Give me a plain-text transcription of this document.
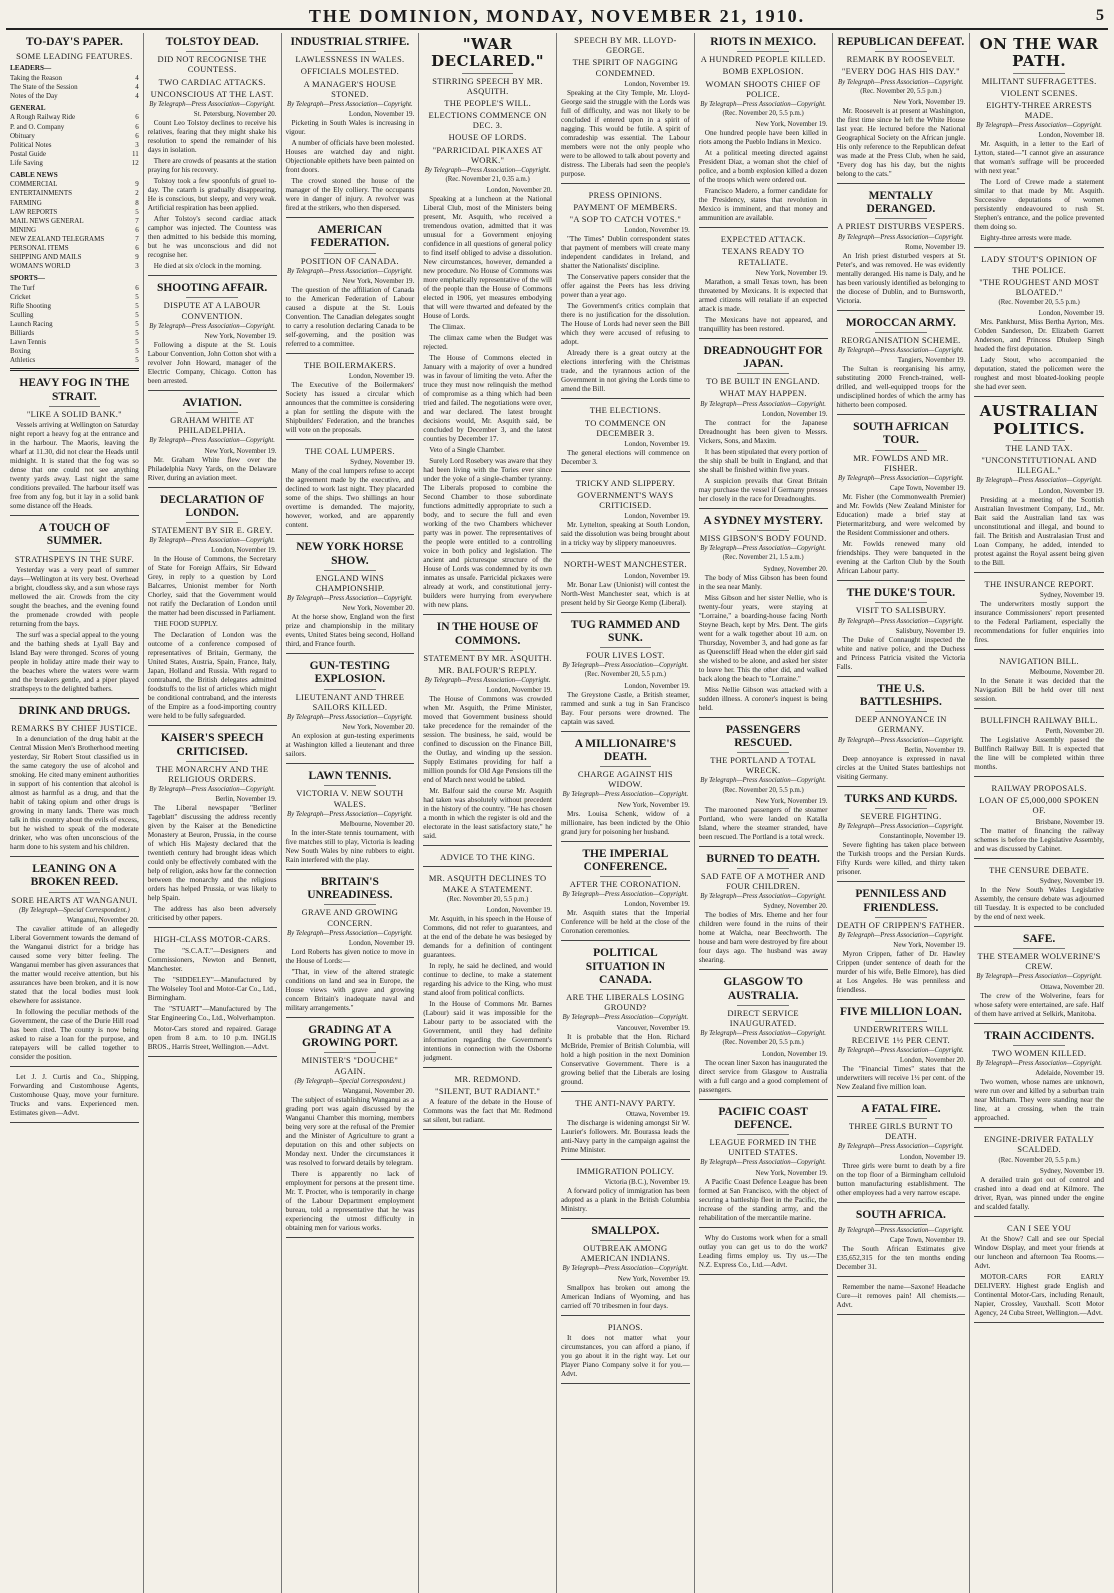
THE DOMINION, MONDAY, NOVEMBER 21, 1910.	5
TO-DAY'S PAPER.
SOME LEADING FEATURES.
LEADERS—
Taking the Reason	4
The State of the Session	4
Notes of the Day	4
GENERAL
A Rough Railway Ride	6
P. and O. Company	6
Obituary	6
Political Notes	3
Postal Guide	11
Life Saving	12
CABLE NEWS
COMMERCIAL	9
ENTERTAINMENTS	2
FARMING	8
LAW REPORTS	5
MAIL NEWS GENERAL	7
MINING	6
NEW ZEALAND TELEGRAMS	7
PERSONAL ITEMS	6
SHIPPING AND MAILS	9
WOMAN'S WORLD	3
SPORTS—
The Turf	6
Cricket	5
Rifle Shooting	5
Sculling	5
Launch Racing	5
Billiards	5
Lawn Tennis	5
Boxing	5
Athletics	5
HEAVY FOG IN THE STRAIT.
"LIKE A SOLID BANK."

Vessels arriving at Wellington on Saturday night report a heavy fog at the entrance and in the harbour. The Maoris, leaving the wharf at 11.30, did not clear the Heads until midnight. It is stated that the fog was so dense that one could not see anything twenty yards away. Last night the same conditions prevailed. The harbour itself was free from any fog, but it lay in a solid bank some distance off the Heads.

A TOUCH OF SUMMER.
STRATHSPEYS IN THE SURF.

Yesterday was a very pearl of summer days—Wellington at its very best. Overhead a bright, cloudless sky, and a sun whose rays mellowed the air. Crowds from the city sought the beaches, and the evening found the promenade crowded with people returning from the bays.

The surf was a special appeal to the young and the bathing sheds at Lyall Bay and Island Bay were thronged. Scores of young people in holiday attire made their way to the beaches where the waters were warm and the breakers gentle, and a piper played strathspeys to the delighted bathers.

DRINK AND DRUGS.
REMARKS BY CHIEF JUSTICE.

In a denunciation of the drug habit at the Central Mission Men's Brotherhood meeting yesterday, Sir Robert Stout classified us in the same category the use of alcohol and smoking. He cited many eminent authorities in support of his contention that alcohol is almost as harmful as a drug, and that the habit of taking opium and other drugs is growing in many lands. There was much talk in this country about the evils of excess, but he wished to speak of the moderate drinker, who was often unconscious of the harm done to his system and his children.

LEANING ON A BROKEN REED.
SORE HEARTS AT WANGANUI.
(By Telegraph—Special Correspondent.)
Wanganui, November 20.

The cavalier attitude of an allegedly Liberal Government towards the demand of the Wanganui district for a bridge has caused some very bitter feeling. The Wanganui member has given assurances that the matter would receive attention, but his assurances have been broken, and it is now stated that the local bodies must look elsewhere for assistance.

In following the peculiar methods of the Government, the case of the Durie Hill road has been cited. The county is now being asked to raise a loan for the purpose, and ratepayers will be called together to consider the position.

Let J. J. Curtis and Co., Shipping, Forwarding and Customhouse Agents, Customhouse Quay, move your furniture. Trucks and vans. Experienced men. Estimates given—Advt.

TOLSTOY DEAD.
DID NOT RECOGNISE THE COUNTESS.
TWO CARDIAC ATTACKS.
UNCONSCIOUS AT THE LAST.
By Telegraph—Press Association—Copyright.
St. Petersburg, November 20.

Count Leo Tolstoy declines to receive his relatives, fearing that they might shake his resolution to spend the remainder of his days in isolation.

There are crowds of peasants at the station praying for his recovery.

Tolstoy took a few spoonfuls of gruel to-day. The catarrh is gradually disappearing. He is conscious, but sleepy, and very weak. Artificial respiration has been applied.

After Tolstoy's second cardiac attack camphor was injected. The Countess was then admitted to his bedside this morning, but he was unconscious and did not recognise her.

He died at six o'clock in the morning.

SHOOTING AFFAIR.
DISPUTE AT A LABOUR CONVENTION.
By Telegraph—Press Association—Copyright.
New York, November 19.

Following a dispute at the St. Louis Labour Convention, John Cotton shot with a revolver John Howard, manager of the Electric Company, Chicago. Cotton has been arrested.

AVIATION.
GRAHAM WHITE AT PHILADELPHIA.
By Telegraph—Press Association—Copyright.
New York, November 19.

Mr. Graham White flew over the Philadelphia Navy Yards, on the Delaware River, during an aviation meet.

DECLARATION OF LONDON.
STATEMENT BY SIR E. GREY.
By Telegraph—Press Association—Copyright.
London, November 19.

In the House of Commons, the Secretary of State for Foreign Affairs, Sir Edward Grey, in reply to a question by Lord Balcarres, Unionist member for North Chorley, said that the Government would not ratify the Declaration of London until the matter had been discussed in Parliament.

THE FOOD SUPPLY.

The Declaration of London was the outcome of a conference composed of representatives of Britain, Germany, the United States, Austria, Spain, France, Italy, Japan, Holland and Russia. With regard to contraband, the British delegates admitted foodstuffs to the list of articles which might be conditional contraband, and the interests of the Empire as a food-importing country were held to be fully safeguarded.

KAISER'S SPEECH CRITICISED.
THE MONARCHY AND THE RELIGIOUS ORDERS.
By Telegraph—Press Association—Copyright.
Berlin, November 19.

The Liberal newspaper "Berliner Tageblatt" discussing the address recently given by the Kaiser at the Benedictine Monastery at Beuron, Prussia, in the course of which His Majesty declared that the twentieth century had brought ideas which could only be effectively combated with the help of religion, asks how far the connection between the monarchy and the religious orders has helped Prussia, or was likely to help Spain.

The address has also been adversely criticised by other papers.

HIGH-CLASS MOTOR-CARS.

The "S.C.A.T."—Designers and Commissioners, Newton and Bennett, Manchester.

The "SIDDELEY"—Manufactured by The Wolseley Tool and Motor-Car Co., Ltd., Birmingham.

The "STUART"—Manufactured by The Star Engineering Co., Ltd., Wolverhampton.

Motor-Cars stored and repaired. Garage open from 8 a.m. to 10 p.m. INGLIS BROS., Harris Street, Wellington.—Advt.

INDUSTRIAL STRIFE.
LAWLESSNESS IN WALES.
OFFICIALS MOLESTED.
A MANAGER'S HOUSE STONED.
By Telegraph—Press Association—Copyright.
London, November 19.

Picketing in South Wales is increasing in vigour.

A number of officials have been molested. Houses are watched day and night. Objectionable epithets have been painted on front doors.

The crowd stoned the house of the manager of the Ely colliery. The occupants were in danger of injury. A revolver was fired at the strikers, who then dispersed.

AMERICAN FEDERATION.
POSITION OF CANADA.
By Telegraph—Press Association—Copyright.
New York, November 19.

The question of the affiliation of Canada to the American Federation of Labour caused a dispute at the St. Louis Convention. The Canadian delegates sought to carry a resolution declaring Canada to be self-governing, and the position was referred to a committee.

THE BOILERMAKERS.
London, November 19.

The Executive of the Boilermakers' Society has issued a circular which announces that the committee is considering a plan for settling the dispute with the Shipbuilders' Federation, and the branches will vote on the proposals.

THE COAL LUMPERS.
Sydney, November 19.

Many of the coal lumpers refuse to accept the agreement made by the executive, and declined to work last night. They placarded some of the ships. Two shillings an hour overtime is demanded. The majority, however, worked, and are apparently content.

NEW YORK HORSE SHOW.
ENGLAND WINS CHAMPIONSHIP.
By Telegraph—Press Association—Copyright.
New York, November 20.

At the horse show, England won the first prize and championship in the military events, United States being second, Holland third, and France fourth.

GUN-TESTING EXPLOSION.
LIEUTENANT AND THREE SAILORS KILLED.
By Telegraph—Press Association—Copyright.
New York, November 20.

An explosion at gun-testing experiments at Washington killed a lieutenant and three sailors.

LAWN TENNIS.
VICTORIA V. NEW SOUTH WALES.
By Telegraph—Press Association—Copyright.
Melbourne, November 20.

In the inter-State tennis tournament, with five matches still to play, Victoria is leading New South Wales by nine rubbers to eight. Rain interfered with the play.

BRITAIN'S UNREADINESS.
GRAVE AND GROWING CONCERN.
By Telegraph—Press Association—Copyright.
London, November 19.

Lord Roberts has given notice to move in the House of Lords:—

"That, in view of the altered strategic conditions on land and sea in Europe, the House views with grave and growing concern Britain's inadequate naval and military arrangements."

GRADING AT A GROWING PORT.
MINISTER'S "DOUCHE" AGAIN.
(By Telegraph—Special Correspondent.)
Wanganui, November 20.

The subject of establishing Wanganui as a grading port was again discussed by the Wanganui Chamber this morning, members being very sore at the refusal of the Premier and the Minister of Agriculture to grant a deputation on this and other subjects on Monday next. Under the circumstances it was resolved to forward details by telegram.

There is apparently no lack of employment for persons at the present time. Mr. T. Procter, who is temporarily in charge of the Labour Department employment bureau, told a representative that he was experiencing the utmost difficulty in obtaining men for various works.

"WAR DECLARED."
STIRRING SPEECH BY MR. ASQUITH.
THE PEOPLE'S WILL.
ELECTIONS COMMENCE ON DEC. 3.
HOUSE OF LORDS.
"PARRICIDAL PIKAXES AT WORK."
By Telegraph—Press Association—Copyright.
(Rec. November 21, 0.35 a.m.)
London, November 20.

Speaking at a luncheon at the National Liberal Club, most of the Ministers being present, Mr. Asquith, who received a tremendous ovation, admitted that it was unusual for a Government enjoying confidence in all questions of general policy to find itself obliged to advise a dissolution. New circumstances, however, demanded a new procedure. No House of Commons was more emphatically representative of the will of the people than the House of Commons elected in 1906, yet measures embodying that will were thwarted and defeated by the House of Lords.

The Climax.

The climax came when the Budget was rejected.

The House of Commons elected in January with a majority of over a hundred was in favour of limiting the veto. After the truce they must now relinquish the method of compromise as a thing which had been tried and failed. The negotiations were over, and war declared. The latest brought decisions would, Mr. Asquith said, be concluded by December 3, and the latest counties by December 17.

Veto of a Single Chamber.

Surely Lord Rosebery was aware that they had been living with the Tories ever since under the yoke of a single-chamber tyranny. The Liberals proposed to combine the Second Chamber to those subordinate functions admittedly appropriate to such a body, and to secure the full and even working of the two Chambers whichever party was in power. The representatives of the people were entitled to a controlling voice in both policy and legislation. The ancient and picturesque structure of the House of Lords was condemned by its own inmates as unsafe. Parricidal pickaxes were already at work, and constitutional jerry-builders were hurrying from everywhere with new plans.

IN THE HOUSE OF COMMONS.
STATEMENT BY MR. ASQUITH.
MR. BALFOUR'S REPLY.
By Telegraph—Press Association—Copyright.
London, November 19.

The House of Commons was crowded when Mr. Asquith, the Prime Minister, moved that Government business should take precedence for the remainder of the session. The business, he said, would be confined to discussion on the Finance Bill, the Outlay, and winding up the session. Supply Estimates providing for half a million pounds for Old Age Pensions till the end of March next would be tabled.

Mr. Balfour said the course Mr. Asquith had taken was absolutely without precedent in the history of the country. "He has chosen a month in which the register is old and the electorate in the least satisfactory state," he said.

ADVICE TO THE KING.
MR. ASQUITH DECLINES TO MAKE A STATEMENT.
(Rec. November 20, 5.5 p.m.)
London, November 19.

Mr. Asquith, in his speech in the House of Commons, did not refer to guarantees, and at the end of the debate he was besieged by demands for a definition of contingent guarantees.

In reply, he said he declined, and would continue to decline, to make a statement regarding his advice to the King, who must stand aloof from political conflicts.

In the House of Commons Mr. Barnes (Labour) said it was impossible for the Labour party to be associated with the Government, until they had definite information regarding the Government's intentions in connection with the Osborne judgment.

MR. REDMOND.
"SILENT, BUT RADIANT."

A feature of the debate in the House of Commons was the fact that Mr. Redmond sat silent, but radiant.

SPEECH BY MR. LLOYD-GEORGE.
THE SPIRIT OF NAGGING CONDEMNED.
London, November 19.

Speaking at the City Temple, Mr. Lloyd-George said the struggle with the Lords was full of difficulty, and was not likely to be concluded if entered upon in a spirit of nagging. This would be futile. A spirit of comradeship was essential. The Labour members were not the only people who were to be allowed to talk about poverty and distress. The Liberals had seen the people's purpose.

PRESS OPINIONS.
PAYMENT OF MEMBERS.
"A SOP TO CATCH VOTES."
London, November 19.

"The Times" Dublin correspondent states that payment of members will create many independent candidates in Ireland, and shatter the Nationalists' discipline.

The Conservative papers consider that the offer against the Peers has less driving power than a year ago.

The Government's critics complain that there is no justification for the dissolution. The House of Lords had never seen the Bill which they were accused of refusing to adopt.

Already there is a great outcry at the elections interfering with the Christmas trade, and the tyrannous action of the Government in not giving the Lords time to amend the Bill.

THE ELECTIONS.
TO COMMENCE ON DECEMBER 3.
London, November 19.

The general elections will commence on December 3.

TRICKY AND SLIPPERY.
GOVERNMENT'S WAYS CRITICISED.
London, November 19.

Mr. Lyttelton, speaking at South London, said the dissolution was being brought about in a tricky way by slippery manoeuvres.

NORTH-WEST MANCHESTER.
London, November 19.

Mr. Bonar Law (Unionist) will contest the North-West Manchester seat, which is at present held by Sir George Kemp (Liberal).

TUG RAMMED AND SUNK.
FOUR LIVES LOST.
By Telegraph—Press Association—Copyright.
(Rec. November 20, 5.5 p.m.)
London, November 19.

The Greystone Castle, a British steamer, rammed and sunk a tug in San Francisco Bay. Four persons were drowned. The captain was saved.

A MILLIONAIRE'S DEATH.
CHARGE AGAINST HIS WIDOW.
By Telegraph—Press Association—Copyright.
New York, November 19.

Mrs. Louisa Schenk, widow of a millionaire, has been indicted by the Ohio grand jury for poisoning her husband.

THE IMPERIAL CONFERENCE.
AFTER THE CORONATION.
By Telegraph—Press Association—Copyright.
London, November 19.

Mr. Asquith states that the Imperial Conference will be held at the close of the Coronation ceremonies.

POLITICAL SITUATION IN CANADA.
ARE THE LIBERALS LOSING GROUND?
By Telegraph—Press Association—Copyright.
Vancouver, November 19.

It is probable that the Hon. Richard McBride, Premier of British Columbia, will hold a high position in the next Dominion Conservative Government. There is a growing belief that the Liberals are losing ground.

THE ANTI-NAVY PARTY.
Ottawa, November 19.

The discharge is widening amongst Sir W. Laurier's followers. Mr. Bourassa leads the anti-Navy party in the campaign against the Prime Minister.

IMMIGRATION POLICY.
Victoria (B.C.), November 19.

A forward policy of immigration has been adopted as a plank in the British Columbia Ministry.

SMALLPOX.
OUTBREAK AMONG AMERICAN INDIANS.
By Telegraph—Press Association—Copyright.
New York, November 19.

Smallpox has broken out among the American Indians of Wyoming, and has carried off 70 tribesmen in four days.

PIANOS.

It does not matter what your circumstances, you can afford a piano, if you go about it in the right way. Let our Player Piano Company solve it for you.—Advt.

RIOTS IN MEXICO.
A HUNDRED PEOPLE KILLED.
BOMB EXPLOSION.
WOMAN SHOOTS CHIEF OF POLICE.
By Telegraph—Press Association—Copyright.
(Rec. November 20, 5.5 p.m.)
New York, November 19.

One hundred people have been killed in riots among the Pueblo Indians in Mexico.

At a political meeting directed against President Diaz, a woman shot the chief of police, and a bomb explosion killed a dozen of the troops which were ordered out.

Francisco Madero, a former candidate for the Presidency, states that revolution in Mexico is imminent, and that money and ammunition are available.

EXPECTED ATTACK.
TEXANS READY TO RETALIATE.
New York, November 19.

Marathon, a small Texas town, has been threatened by Mexicans. It is expected that armed citizens will retaliate if an expected attack is made.

The Mexicans have not appeared, and tranquillity has been restored.

DREADNOUGHT FOR JAPAN.
TO BE BUILT IN ENGLAND.
WHAT MAY HAPPEN.
By Telegraph—Press Association—Copyright.
London, November 19.

The contract for the Japanese Dreadnought has been given to Messrs. Vickers, Sons, and Maxim.

It has been stipulated that every portion of the ship shall be built in England, and that she shall be finished within five years.

A suspicion prevails that Great Britain may purchase the vessel if Germany presses her closely in the race for Dreadnoughts.

A SYDNEY MYSTERY.
MISS GIBSON'S BODY FOUND.
By Telegraph—Press Association—Copyright.
(Rec. November 21, 1.5 a.m.)
Sydney, November 20.

The body of Miss Gibson has been found in the sea near Manly.

Miss Gibson and her sister Nellie, who is twenty-four years, were staying at "Lorraine," a boarding-house facing North Steyne Beach, kept by Mrs. Dent. The girls went for a walk together about 10 a.m. on Thursday, November 3, and had gone as far as Queenscliff Head when the elder girl said she wished to be alone, and asked her sister to leave her. This the other did, and walked back along the beach to "Lorraine."

Miss Nellie Gibson was attacked with a sudden illness. A coroner's inquest is being held.

PASSENGERS RESCUED.
THE PORTLAND A TOTAL WRECK.
By Telegraph—Press Association—Copyright.
(Rec. November 20, 5.5 p.m.)
New York, November 19.

The marooned passengers of the steamer Portland, who were landed on Katalla Island, where the steamer stranded, have been rescued. The Portland is a total wreck.

BURNED TO DEATH.
SAD FATE OF A MOTHER AND FOUR CHILDREN.
By Telegraph—Press Association—Copyright.
Sydney, November 20.

The bodies of Mrs. Eheme and her four children were found in the ruins of their home at Walcha, near Beechworth. The house and barn were destroyed by fire about four days ago. The husband was away shearing.

GLASGOW TO AUSTRALIA.
DIRECT SERVICE INAUGURATED.
By Telegraph—Press Association—Copyright.
(Rec. November 20, 5.5 p.m.)
London, November 19.

The ocean liner Saxon has inaugurated the direct service from Glasgow to Australia with a full cargo and a good complement of passengers.

PACIFIC COAST DEFENCE.
LEAGUE FORMED IN THE UNITED STATES.
By Telegraph—Press Association—Copyright.
New York, November 19.

A Pacific Coast Defence League has been formed at San Francisco, with the object of securing a battleship fleet in the Pacific, the increase of the standing army, and the rehabilitation of the mercantile marine.

Why do Customs work when for a small outlay you can get us to do the work? Leading firms employ us. Try us.—The N.Z. Express Co., Ltd.—Advt.

REPUBLICAN DEFEAT.
REMARK BY ROOSEVELT.
"EVERY DOG HAS HIS DAY."
By Telegraph—Press Association—Copyright.
(Rec. November 20, 5.5 p.m.)
New York, November 19.

Mr. Roosevelt is at present at Washington, the first time since he left the White House last year. He lectured before the National Geographical Society on the African jungle. His only reference to the Republican defeat was made at the Press Club, when he said, "Every dog has his day, but the nights belong to the cats."

MENTALLY DERANGED.
A PRIEST DISTURBS VESPERS.
By Telegraph—Press Association—Copyright.
Rome, November 19.

An Irish priest disturbed vespers at St. Peter's, and was removed. He was evidently mentally deranged. His name is Daly, and he has been variously identified as belonging to the diocese of Dublin, and to Burnsworth, Victoria.

MOROCCAN ARMY.
REORGANISATION SCHEME.
By Telegraph—Press Association—Copyright.
Tangiers, November 19.

The Sultan is reorganising his army, substituting 2000 French-trained, well-drilled, and well-equipped troops for the undisciplined hordes of which the army has hitherto been composed.

SOUTH AFRICAN TOUR.
MR. FOWLDS AND MR. FISHER.
By Telegraph—Press Association—Copyright.
Cape Town, November 19.

Mr. Fisher (the Commonwealth Premier) and Mr. Fowlds (New Zealand Minister for Education) made a brief stay at Pietermaritzburg, and were welcomed by the Resident Commissioner and others.

Mr. Fowlds renewed many old friendships. They were banqueted in the evening at the Carlton Club by the South African Labour party.

THE DUKE'S TOUR.
VISIT TO SALISBURY.
By Telegraph—Press Association—Copyright.
Salisbury, November 19.

The Duke of Connaught inspected the white and native police, and the Duchess and Princess Patricia visited the Victoria Falls.

THE U.S. BATTLESHIPS.
DEEP ANNOYANCE IN GERMANY.
By Telegraph—Press Association—Copyright.
Berlin, November 19.

Deep annoyance is expressed in naval circles at the United States battleships not visiting Germany.

TURKS AND KURDS.
SEVERE FIGHTING.
By Telegraph—Press Association—Copyright.
Constantinople, November 19.

Severe fighting has taken place between the Turkish troops and the Persian Kurds. Fifty Kurds were killed, and thirty taken prisoner.

PENNILESS AND FRIENDLESS.
DEATH OF CRIPPEN'S FATHER.
By Telegraph—Press Association—Copyright.
New York, November 19.

Myron Crippen, father of Dr. Hawley Crippen (under sentence of death for the murder of his wife, Belle Elmore), has died at Los Angeles. He was penniless and friendless.

FIVE MILLION LOAN.
UNDERWRITERS WILL RECEIVE 1½ PER CENT.
By Telegraph—Press Association—Copyright.
London, November 20.

The "Financial Times" states that the underwriters will receive 1½ per cent. of the New Zealand five million loan.

A FATAL FIRE.
THREE GIRLS BURNT TO DEATH.
By Telegraph—Press Association—Copyright.
London, November 19.

Three girls were burnt to death by a fire on the top floor of a Birmingham celluloid button manufacturing establishment. The other employees had a very narrow escape.

SOUTH AFRICA.
By Telegraph—Press Association—Copyright.
Cape Town, November 19.

The South African Estimates give £35,652,315 for the ten months ending December 31.

Remember the name—Saxone! Headache Cure—it removes pain! All chemists.—Advt.

ON THE WAR PATH.
MILITANT SUFFRAGETTES.
VIOLENT SCENES.
EIGHTY-THREE ARRESTS MADE.
By Telegraph—Press Association—Copyright.
London, November 18.

Mr. Asquith, in a letter to the Earl of Lytton, stated—"I cannot give an assurance that woman's suffrage will be proceeded with next year."

The Lord of Crewe made a statement similar to that made by Mr. Asquith. Successive deputations of women persistently endeavoured to rush St. Stephen's entrance, and the police prevented them doing so.

Eighty-three arrests were made.

LADY STOUT'S OPINION OF THE POLICE.
"THE ROUGHEST AND MOST BLOATED."
(Rec. November 20, 5.5 p.m.)
London, November 19.

Mrs. Pankhurst, Miss Bertha Ayrton, Mrs. Cobden Sanderson, Dr. Elizabeth Garrett Anderson, and Princess Dhuleep Singh headed the first deputation.

Lady Stout, who accompanied the deputation, stated the policemen were the roughest and most bloated-looking people she had ever seen.

AUSTRALIAN POLITICS.
THE LAND TAX.
"UNCONSTITUTIONAL AND ILLEGAL."
By Telegraph—Press Association—Copyright.
London, November 19.

Presiding at a meeting of the Scottish Australian Investment Company, Ltd., Mr. Bait said the Australian land tax was unconstitutional and illegal, and bound to fail. The British and Australasian Trust and Loan Company, he added, intended to protest against the Royal assent being given to the Bill.

THE INSURANCE REPORT.
Sydney, November 19.

The underwriters mostly support the insurance Commissioners' report presented to the Federal Parliament, especially the recommendations for fuller enquiries into fires.

NAVIGATION BILL.
Melbourne, November 20.

In the Senate it was decided that the Navigation Bill be held over till next session.

BULLFINCH RAILWAY BILL.
Perth, November 20.

The Legislative Assembly passed the Bullfinch Railway Bill. It is expected that the line will be completed within three months.

RAILWAY PROPOSALS.
LOAN OF £5,000,000 SPOKEN OF.
Brisbane, November 19.

The matter of financing the railway schemes is before the Legislative Assembly, and was discussed by Cabinet.

THE CENSURE DEBATE.
Sydney, November 19.

In the New South Wales Legislative Assembly, the censure debate was adjourned till Tuesday. It is expected to be concluded by the end of next week.

SAFE.
THE STEAMER WOLVERINE'S CREW.
By Telegraph—Press Association—Copyright.
Ottawa, November 20.

The crew of the Wolverine, fears for whose safety were entertained, are safe. Half of them have arrived at Selkirk, Manitoba.

TRAIN ACCIDENTS.
TWO WOMEN KILLED.
By Telegraph—Press Association—Copyright.
Adelaide, November 19.

Two women, whose names are unknown, were run over and killed by a suburban train near Mitcham. They were standing near the line, at a crossing, when the train approached.

ENGINE-DRIVER FATALLY SCALDED.
(Rec. November 20, 5.5 p.m.)
Sydney, November 19.

A derailed train got out of control and crashed into a dead end at Kilmore. The driver, Ryan, was pinned under the engine and scalded fatally.

CAN I SEE YOU

At the Show? Call and see our Special Window Display, and meet your friends at our luncheon and afternoon Tea Rooms.—Advt.

MOTOR-CARS FOR EARLY DELIVERY. Highest grade English and Continental Motor-Cars, including Renault, Napier, Crossley, Vauxhall. Scott Motor Agency, 24 Cuba Street, Wellington.—Advt.
